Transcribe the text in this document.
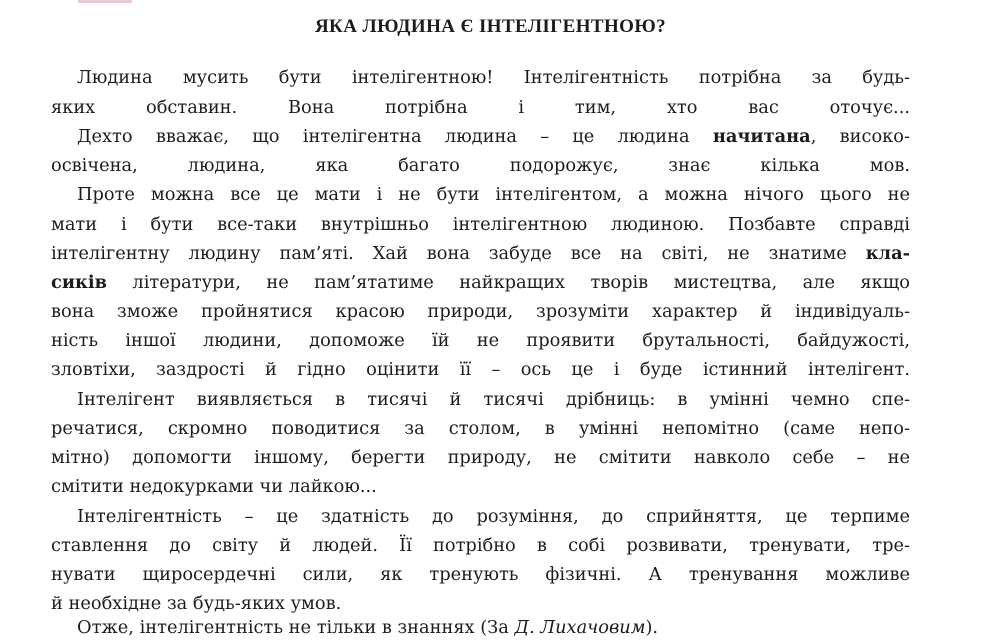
ЯКА ЛЮДИНА Є ІНТЕЛІГЕНТНОЮ?

Людина мусить бути інтелігентною! Інтелігентність потрібна за будь-

яких обставин. Вона потрібна і тим, хто вас оточує...

Дехто вважає, що інтелігентна людина – це людина начитана, високо-

освічена, людина, яка багато подорожує, знає кілька мов.

Проте можна все це мати і не бути інтелігентом, а можна нічого цього не

мати і бути все-таки внутрішньо інтелігентною людиною. Позбавте справді

інтелігентну людину пам’яті. Хай вона забуде все на світі, не знатиме кла-

сиків літератури, не пам’ятатиме найкращих творів мистецтва, але якщо

вона зможе пройнятися красою природи, зрозуміти характер й індивідуаль-

ність іншої людини, допоможе їй не проявити брутальності, байдужості,

зловтіхи, заздрості й гідно оцінити її – ось це і буде істинний інтелігент.

Інтелігент виявляється в тисячі й тисячі дрібниць: в умінні чемно спе-

речатися, скромно поводитися за столом, в умінні непомітно (саме непо-

мітно) допомогти іншому, берегти природу, не смітити навколо себе – не

смітити недокурками чи лайкою...

Інтелігентність – це здатність до розуміння, до сприйняття, це терпиме

ставлення до світу й людей. Її потрібно в собі розвивати, тренувати, тре-

нувати щиросердечні сили, як тренують фізичні. А тренування можливе

й необхідне за будь-яких умов.

Отже, інтелігентність не тільки в знаннях (За Д. Лихачовим).
